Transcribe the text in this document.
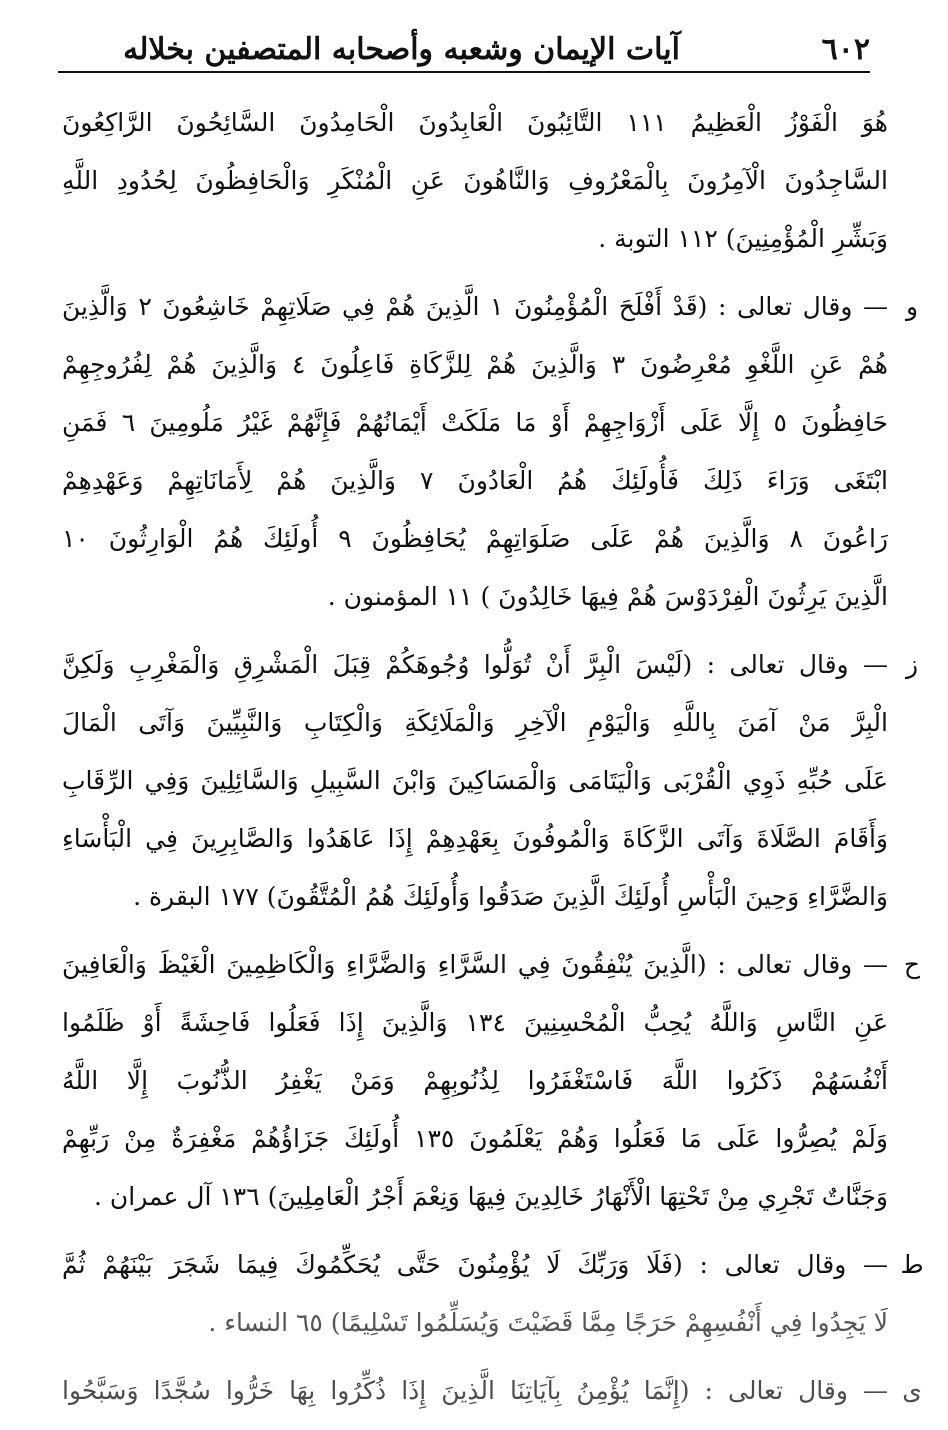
٦٠٢
آيات الإيمان وشعبه وأصحابه المتصفين بخلاله
هُوَ الْفَوْزُ الْعَظِيمُ ١١١ التَّائِبُونَ الْعَابِدُونَ الْحَامِدُونَ السَّائِحُونَ الرَّاكِعُونَ
السَّاجِدُونَ الْآمِرُونَ بِالْمَعْرُوفِ وَالنَّاهُونَ عَنِ الْمُنْكَرِ وَالْحَافِظُونَ لِحُدُودِ اللَّهِ
وَبَشِّرِ الْمُؤْمِنِينَ) ١١٢ التوبة .
و
— وقال تعالى : (قَدْ أَفْلَحَ الْمُؤْمِنُونَ ١ الَّذِينَ هُمْ فِي صَلَاتِهِمْ خَاشِعُونَ ٢ وَالَّذِينَ
هُمْ عَنِ اللَّغْوِ مُعْرِضُونَ ٣ وَالَّذِينَ هُمْ لِلزَّكَاةِ فَاعِلُونَ ٤ وَالَّذِينَ هُمْ لِفُرُوجِهِمْ
حَافِظُونَ ٥ إِلَّا عَلَى أَزْوَاجِهِمْ أَوْ مَا مَلَكَتْ أَيْمَانُهُمْ فَإِنَّهُمْ غَيْرُ مَلُومِينَ ٦ فَمَنِ
ابْتَغَى وَرَاءَ ذَلِكَ فَأُولَئِكَ هُمُ الْعَادُونَ ٧ وَالَّذِينَ هُمْ لِأَمَانَاتِهِمْ وَعَهْدِهِمْ
رَاعُونَ ٨ وَالَّذِينَ هُمْ عَلَى صَلَوَاتِهِمْ يُحَافِظُونَ ٩ أُولَئِكَ هُمُ الْوَارِثُونَ ١٠
الَّذِينَ يَرِثُونَ الْفِرْدَوْسَ هُمْ فِيهَا خَالِدُونَ ) ١١ المؤمنون .
ز
— وقال تعالى : (لَيْسَ الْبِرَّ أَنْ تُوَلُّوا وُجُوهَكُمْ قِبَلَ الْمَشْرِقِ وَالْمَغْرِبِ وَلَكِنَّ
الْبِرَّ مَنْ آمَنَ بِاللَّهِ وَالْيَوْمِ الْآخِرِ وَالْمَلَائِكَةِ وَالْكِتَابِ وَالنَّبِيِّينَ وَآتَى الْمَالَ
عَلَى حُبِّهِ ذَوِي الْقُرْبَى وَالْيَتَامَى وَالْمَسَاكِينَ وَابْنَ السَّبِيلِ وَالسَّائِلِينَ وَفِي الرِّقَابِ
وَأَقَامَ الصَّلَاةَ وَآتَى الزَّكَاةَ وَالْمُوفُونَ بِعَهْدِهِمْ إِذَا عَاهَدُوا وَالصَّابِرِينَ فِي الْبَأْسَاءِ
وَالضَّرَّاءِ وَحِينَ الْبَأْسِ أُولَئِكَ الَّذِينَ صَدَقُوا وَأُولَئِكَ هُمُ الْمُتَّقُونَ) ١٧٧ البقرة .
ح
— وقال تعالى : (الَّذِينَ يُنْفِقُونَ فِي السَّرَّاءِ وَالضَّرَّاءِ وَالْكَاظِمِينَ الْغَيْظَ وَالْعَافِينَ
عَنِ النَّاسِ وَاللَّهُ يُحِبُّ الْمُحْسِنِينَ ١٣٤ وَالَّذِينَ إِذَا فَعَلُوا فَاحِشَةً أَوْ ظَلَمُوا
أَنْفُسَهُمْ ذَكَرُوا اللَّهَ فَاسْتَغْفَرُوا لِذُنُوبِهِمْ وَمَنْ يَغْفِرُ الذُّنُوبَ إِلَّا اللَّهُ
وَلَمْ يُصِرُّوا عَلَى مَا فَعَلُوا وَهُمْ يَعْلَمُونَ ١٣٥ أُولَئِكَ جَزَاؤُهُمْ مَغْفِرَةٌ مِنْ رَبِّهِمْ
وَجَنَّاتٌ تَجْرِي مِنْ تَحْتِهَا الْأَنْهَارُ خَالِدِينَ فِيهَا وَنِعْمَ أَجْرُ الْعَامِلِينَ) ١٣٦ آل عمران .
ط
— وقال تعالى : (فَلَا وَرَبِّكَ لَا يُؤْمِنُونَ حَتَّى يُحَكِّمُوكَ فِيمَا شَجَرَ بَيْنَهُمْ ثُمَّ
لَا يَجِدُوا فِي أَنْفُسِهِمْ حَرَجًا مِمَّا قَضَيْتَ وَيُسَلِّمُوا تَسْلِيمًا) ٦٥ النساء .
ى
— وقال تعالى : (إِنَّمَا يُؤْمِنُ بِآيَاتِنَا الَّذِينَ إِذَا ذُكِّرُوا بِهَا خَرُّوا سُجَّدًا وَسَبَّحُوا
